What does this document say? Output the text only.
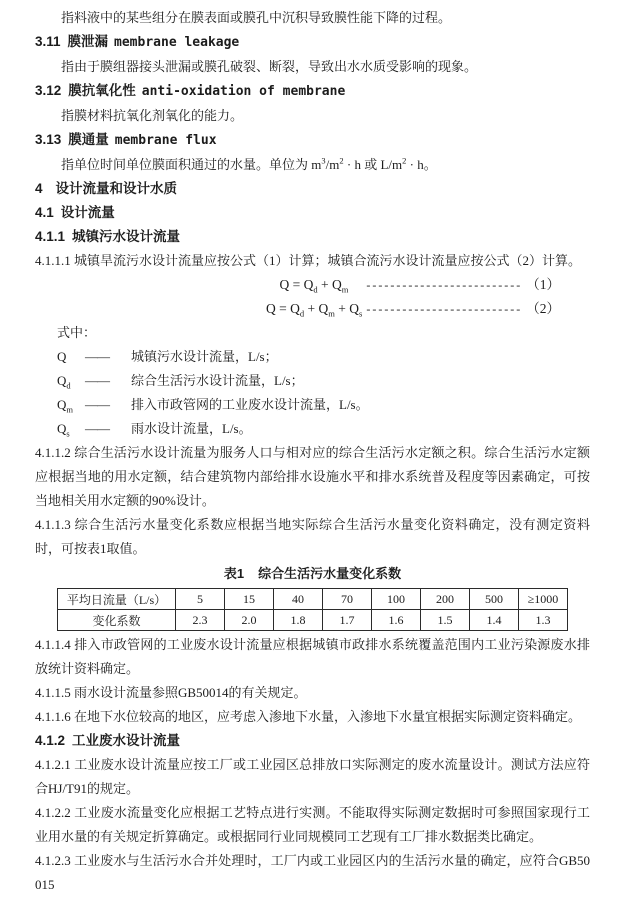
指料液中的某些组分在膜表面或膜孔中沉积导致膜性能下降的过程。

3.11 膜泄漏 membrane leakage

指由于膜组器接头泄漏或膜孔破裂、断裂，导致出水水质受影响的现象。

3.12 膜抗氧化性 anti-oxidation of membrane

指膜材料抗氧化剂氧化的能力。

3.13 膜通量 membrane flux

指单位时间单位膜面积通过的水量。单位为 $m^3/m^2 \cdot h$ 或 $L/m^2 \cdot h$。

4 设计流量和设计水质

4.1 设计流量

4.1.1 城镇污水设计流量

4.1.1.1 城镇旱流污水设计流量应按公式（1）计算；城镇合流污水设计流量应按公式（2）计算。

$Q = Q_d + Q_m$ -------------------------- （1）
$Q = Q_d + Q_m + Q_s$ -------------------------- （2）

式中：

Q —— 城镇污水设计流量，L/s；
$Q_d$ —— 综合生活污水设计流量，L/s；
$Q_m$ —— 排入市政管网的工业废水设计流量，L/s。
$Q_s$ —— 雨水设计流量，L/s。

4.1.1.2 综合生活污水设计流量为服务人口与相对应的综合生活污水定额之积。综合生活污水定额应根据当地的用水定额，结合建筑物内部给排水设施水平和排水系统普及程度等因素确定，可按当地相关用水定额的90%设计。

4.1.1.3 综合生活污水量变化系数应根据当地实际综合生活污水量变化资料确定，没有测定资料时，可按表1取值。

表1 综合生活污水量变化系数

平均日流量（L/s）	5	15	40	70	100	200	500	≥1000
变化系数	2.3	2.0	1.8	1.7	1.6	1.5	1.4	1.3

4.1.1.4 排入市政管网的工业废水设计流量应根据城镇市政排水系统覆盖范围内工业污染源废水排放统计资料确定。

4.1.1.5 雨水设计流量参照GB50014的有关规定。

4.1.1.6 在地下水位较高的地区，应考虑入渗地下水量，入渗地下水量宜根据实际测定资料确定。

4.1.2 工业废水设计流量

4.1.2.1 工业废水设计流量应按工厂或工业园区总排放口实际测定的废水流量设计。测试方法应符合HJ/T91的规定。

4.1.2.2 工业废水流量变化应根据工艺特点进行实测。不能取得实际测定数据时可参照国家现行工业用水量的有关规定折算确定。或根据同行业同规模同工艺现有工厂排水数据类比确定。

4.1.2.3 工业废水与生活污水合并处理时，工厂内或工业园区内的生活污水量的确定，应符合GB50015
